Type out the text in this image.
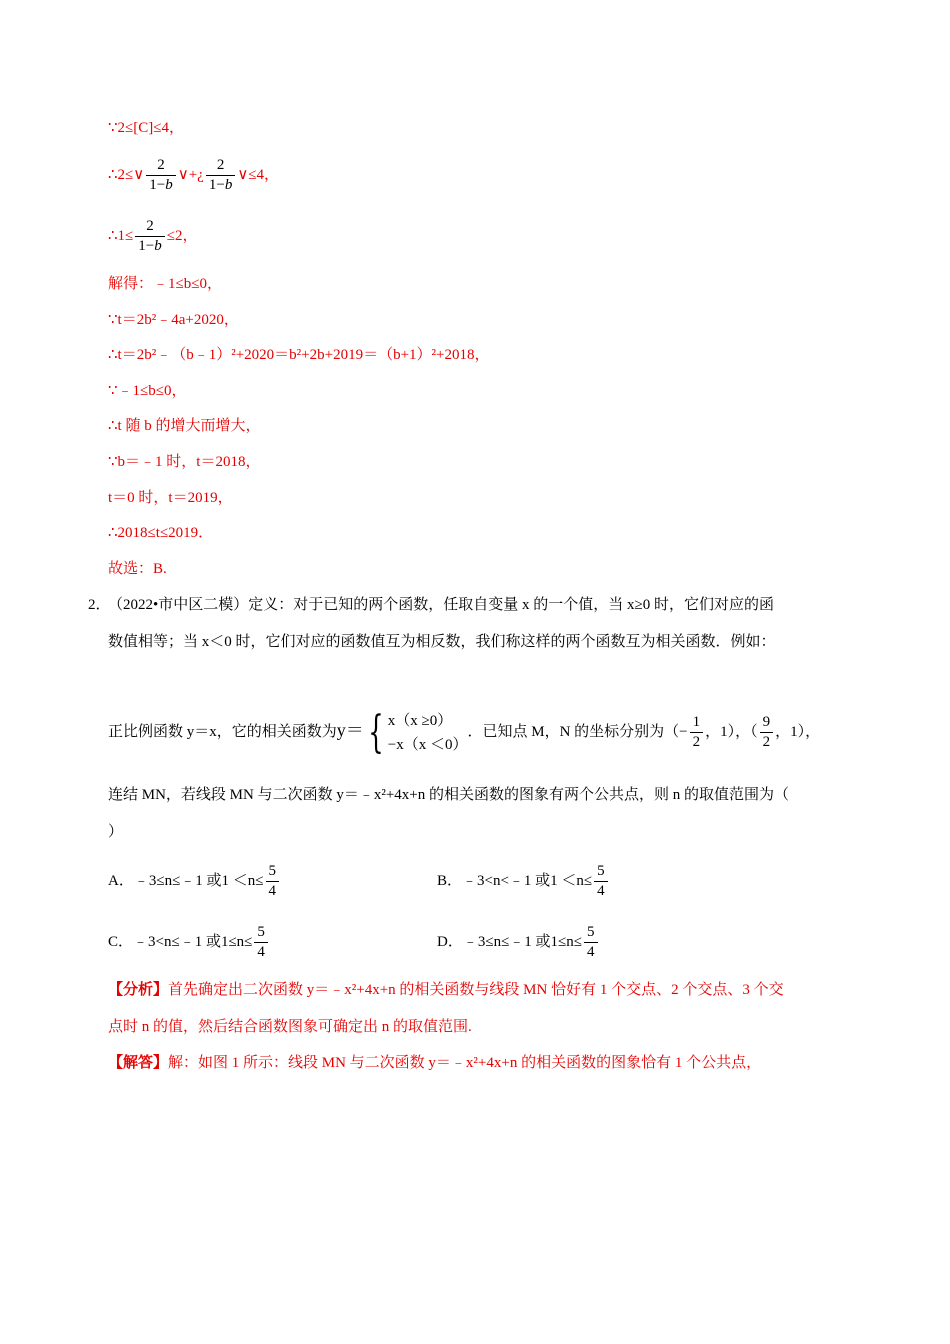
∵2≤[C]≤4，
∴2≤∨ $\frac{2}{1-b}$ ∨+¿ $\frac{2}{1-b}$ ∨≤4，
∴1≤ $\frac{2}{1-b} \le 2$，
解得：﹣1≤b≤0，
∵t＝2b²﹣4a+2020，
∴t＝2b²﹣（b﹣1）²+2020＝b²+2b+2019＝（b+1）²+2018，
∵﹣1≤b≤0，
∴t 随 b 的增大而增大，
∵b＝﹣1 时，t＝2018，
t＝0 时，t＝2019，
∴2018≤t≤2019．
故选：B.
2．
（2022•市中区二模）定义：对于已知的两个函数，任取自变量 x 的一个值，当 x≥0 时，它们对应的函
数值相等；当 x＜0 时，它们对应的函数值互为相反数，我们称这样的两个函数互为相关函数．例如：
正比例函数 y＝x，它的相关函数为y＝{ x（x ≥0）
−x（x ＜0）
．已知点 M，N 的坐标分别为（− $\frac{1}{2}$ ，1），（ $\frac{9}{2}$ ，1），
连结 MN，若线段 MN 与二次函数 y＝﹣x²+4x+n 的相关函数的图象有两个公共点，则 n 的取值范围为（
）
A．﹣3≤n≤﹣1 或$1 <n\le \frac{5}{4}$	B．﹣3<n<﹣1 或$1 <n\le \frac{5}{4}$
C．﹣3<n≤﹣1 或$1\le n\le \frac{5}{4}$	D．﹣3≤n≤﹣1 或$1\le n\le \frac{5}{4}$
【分析】首先确定出二次函数 y＝﹣x²+4x+n 的相关函数与线段 MN 恰好有 1 个交点、2 个交点、3 个交
点时 n 的值，然后结合函数图象可确定出 n 的取值范围.
【解答】解：如图 1 所示：线段 MN 与二次函数 y＝﹣x²+4x+n 的相关函数的图象恰有 1 个公共点，
